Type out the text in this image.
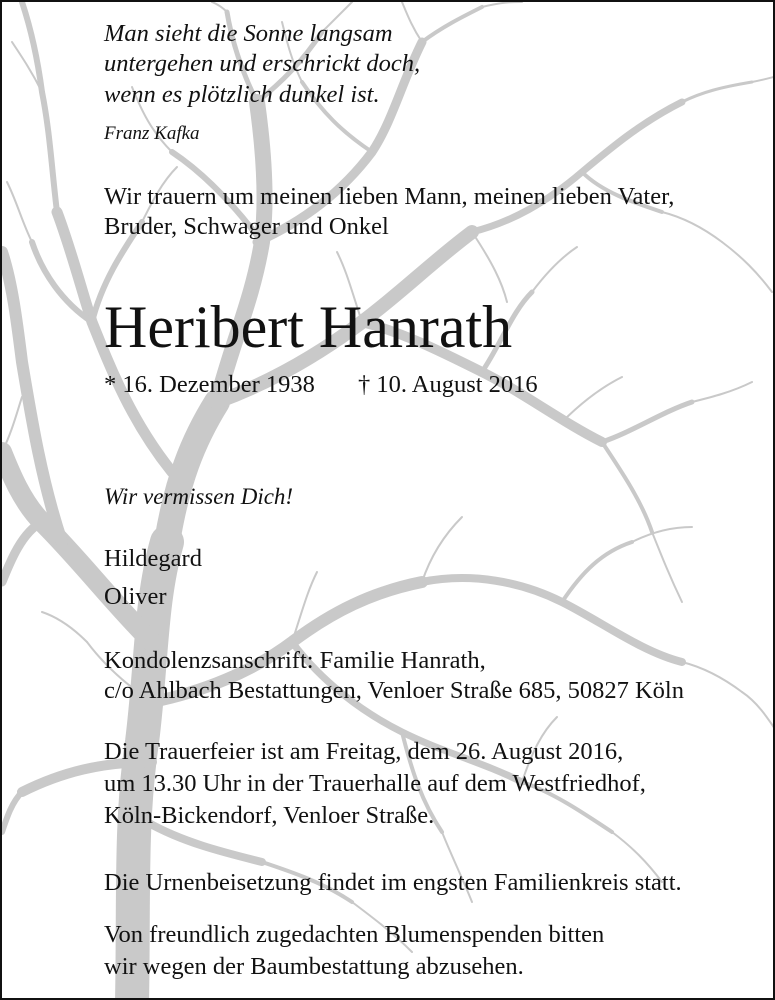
Man sieht die Sonne langsam
untergehen und erschrickt doch,
wenn es plötzlich dunkel ist.
Franz Kafka
Wir trauern um meinen lieben Mann, meinen lieben Vater,
Bruder, Schwager und Onkel
Heribert Hanrath
* 16. Dezember 1938 † 10. August 2016
Wir vermissen Dich!
Hildegard
Oliver
Kondolenzsanschrift: Familie Hanrath,
c/o Ahlbach Bestattungen, Venloer Straße 685, 50827 Köln
Die Trauerfeier ist am Freitag, dem 26. August 2016,
um 13.30 Uhr in der Trauerhalle auf dem Westfriedhof,
Köln-Bickendorf, Venloer Straße.
Die Urnenbeisetzung findet im engsten Familienkreis statt.
Von freundlich zugedachten Blumenspenden bitten
wir wegen der Baumbestattung abzusehen.
